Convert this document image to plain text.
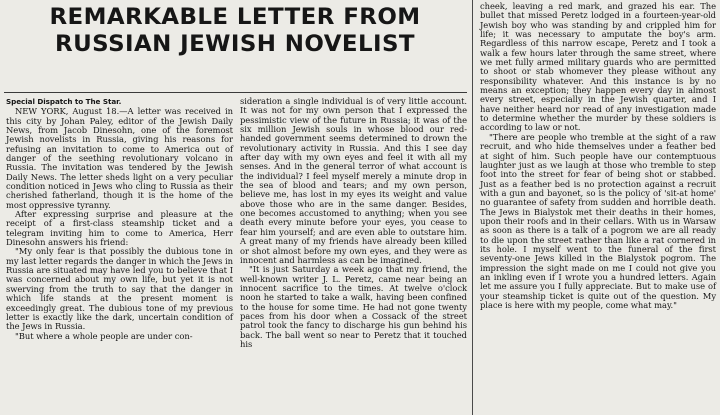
REMARKABLE LETTER FROM
RUSSIAN JEWISH NOVELIST

Special Dispatch to The Star.

NEW YORK, August 18.—A letter was received in this city by Johan Paley, editor of the Jewish Daily News, from Jacob Dinesohn, one of the foremost Jewish novelists in Russia, giving his reasons for refusing an invitation to come to America out of danger of the seething revolutionary volcano in Russia. The invitation was tendered by the Jewish Daily News. The letter sheds light on a very peculiar condition noticed in Jews who cling to Russia as their cherished fatherland, though it is the home of the most oppressive tyranny.

After expressing surprise and pleasure at the receipt of a first-class steamship ticket and a telegram inviting him to come to America, Herr Dinesohn answers his friend:

"My only fear is that possibly the dubious tone in my last letter regards the danger in which the Jews in Russia are situated may have led you to believe that I was concerned about my own life, but yet it is not swerving from the truth to say that the danger in which life stands at the present moment is exceedingly great. The dubious tone of my previous letter is exactly like the dark, uncertain condition of the Jews in Russia.

"But where a whole people are under con-

sideration a single individual is of very little account. It was not for my own person that I expressed the pessimistic view of the future in Russia; it was of the six million Jewish souls in whose blood our red-handed government seems determined to drown the revolutionary activity in Russia. And this I see day after day with my own eyes and feel it with all my senses. And in the general terror of what account is the individual? I feel myself merely a minute drop in the sea of blood and tears; and my own person, believe me, has lost in my eyes its weight and value above those who are in the same danger. Besides, one becomes accustomed to anything; when you see death every minute before your eyes, you cease to fear him yourself; and are even able to outstare him. A great many of my friends have already been killed or shot almost before my own eyes, and they were as innocent and harmless as can be imagined.

"It is just Saturday a week ago that my friend, the well-known writer J. L. Peretz, came near being an innocent sacrifice to the times. At twelve o'clock noon he started to take a walk, having been confined to the house for some time. He had not gone twenty paces from his door when a Cossack of the street patrol took the fancy to discharge his gun behind his back. The ball went so near to Peretz that it touched his

cheek, leaving a red mark, and grazed his ear. The bullet that missed Peretz lodged in a fourteen-year-old Jewish boy who was standing by and crippled him for life; it was necessary to amputate the boy's arm. Regardless of this narrow escape, Peretz and I took a walk a few hours later through the same street, where we met fully armed military guards who are permitted to shoot or stab whomever they please without any responsibility whatever. And this instance is by no means an exception; they happen every day in almost every street, especially in the Jewish quarter, and I have neither heard nor read of any investigation made to determine whether the murder by these soldiers is according to law or not.

"There are people who tremble at the sight of a raw recruit, and who hide themselves under a feather bed at sight of him. Such people have our contemptuous laughter just as we laugh at those who tremble to step foot into the street for fear of being shot or stabbed. Just as a feather bed is no protection against a recruit with a gun and bayonet, so is the policy of 'sit-at home' no guarantee of safety from sudden and horrible death. The Jews in Bialystok met their deaths in their homes, upon their roofs and in their cellars. With us in Warsaw as soon as there is a talk of a pogrom we are all ready to die upon the street rather than like a rat cornered in its hole. I myself went to the funeral of the first seventy-one Jews killed in the Bialystok pogrom. The impression the sight made on me I could not give you an inkling even if I wrote you a hundred letters. Again let me assure you I fully appreciate. But to make use of your steamship ticket is quite out of the question. My place is here with my people, come what may."
